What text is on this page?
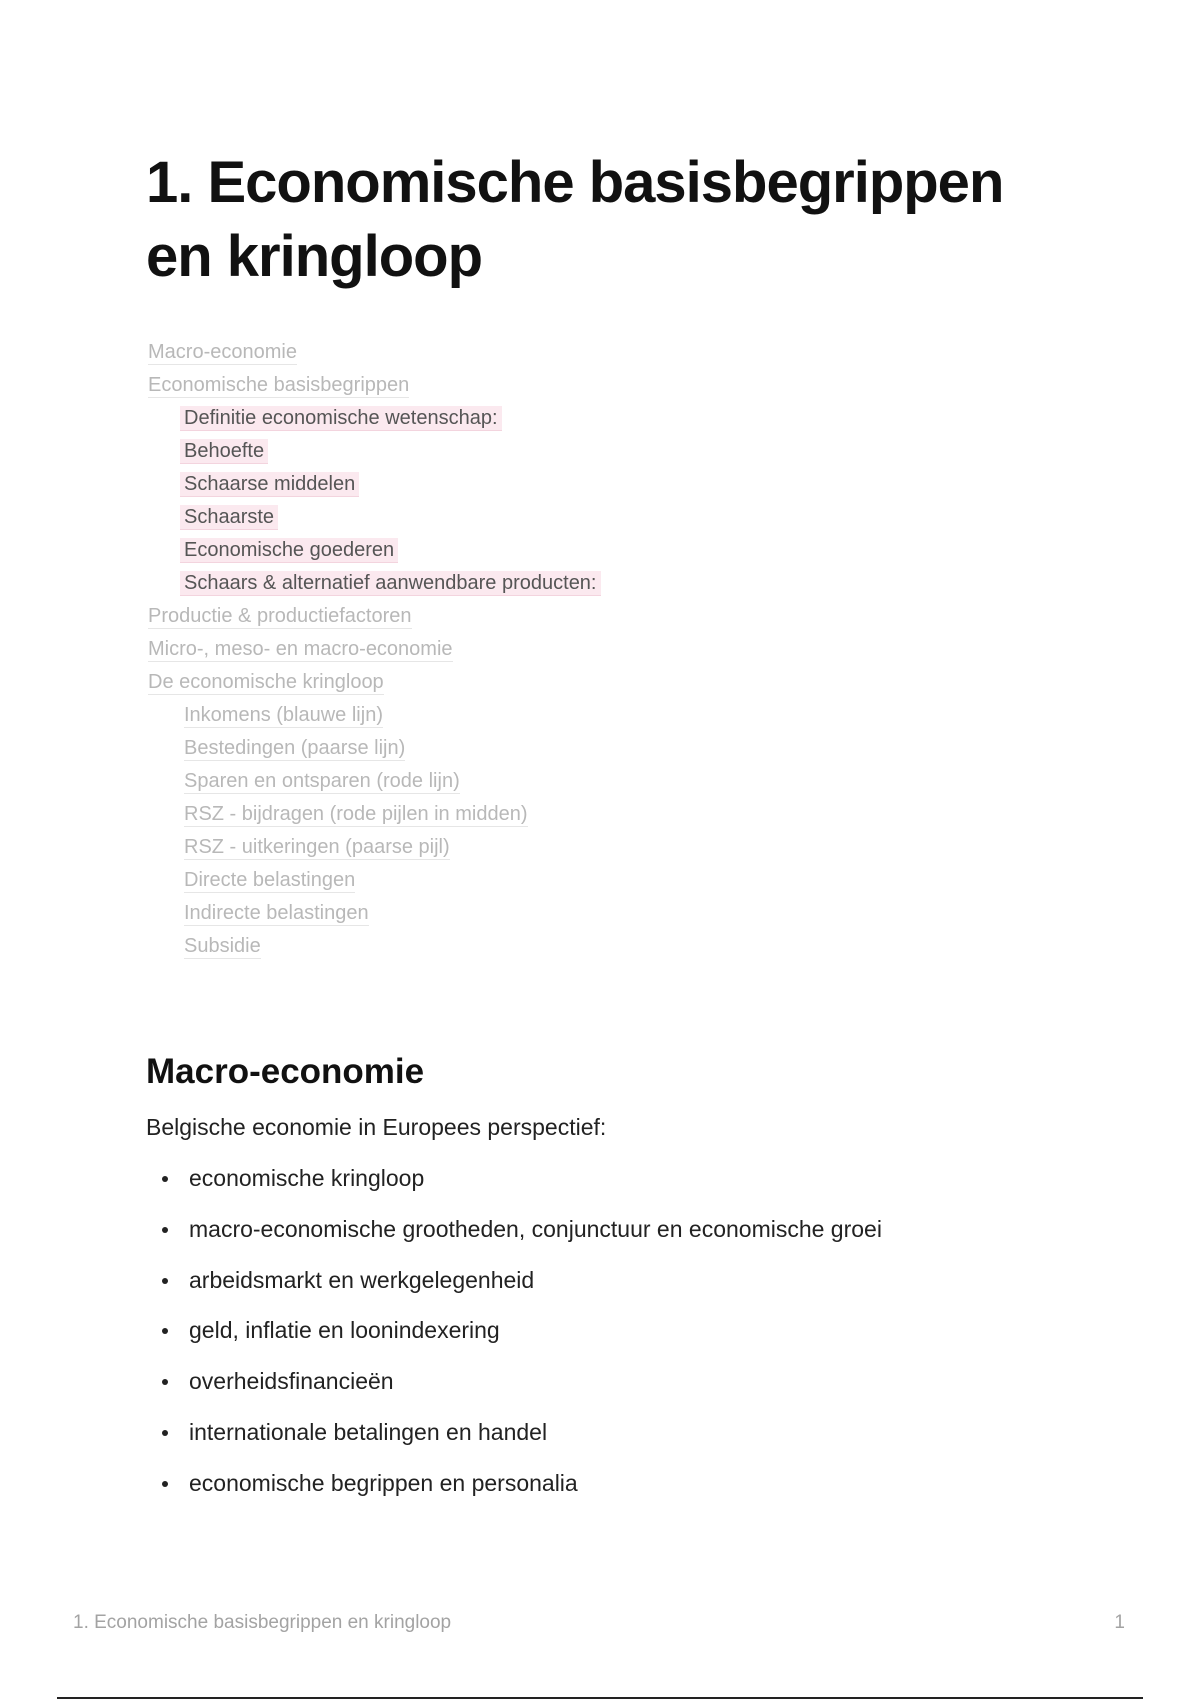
1. Economische basisbegrippen en kringloop
Macro-economie
Economische basisbegrippen
Definitie economische wetenschap:
Behoefte
Schaarse middelen
Schaarste
Economische goederen
Schaars & alternatief aanwendbare producten:
Productie & productiefactoren
Micro-, meso- en macro-economie
De economische kringloop
Inkomens (blauwe lijn)
Bestedingen (paarse lijn)
Sparen en ontsparen (rode lijn)
RSZ - bijdragen (rode pijlen in midden)
RSZ - uitkeringen (paarse pijl)
Directe belastingen
Indirecte belastingen
Subsidie
Macro-economie

Belgische economie in Europees perspectief:

economische kringloop
macro-economische grootheden, conjunctuur en economische groei
arbeidsmarkt en werkgelegenheid
geld, inflatie en loonindexering
overheidsfinancieën
internationale betalingen en handel
economische begrippen en personalia
1. Economische basisbegrippen en kringloop	1
